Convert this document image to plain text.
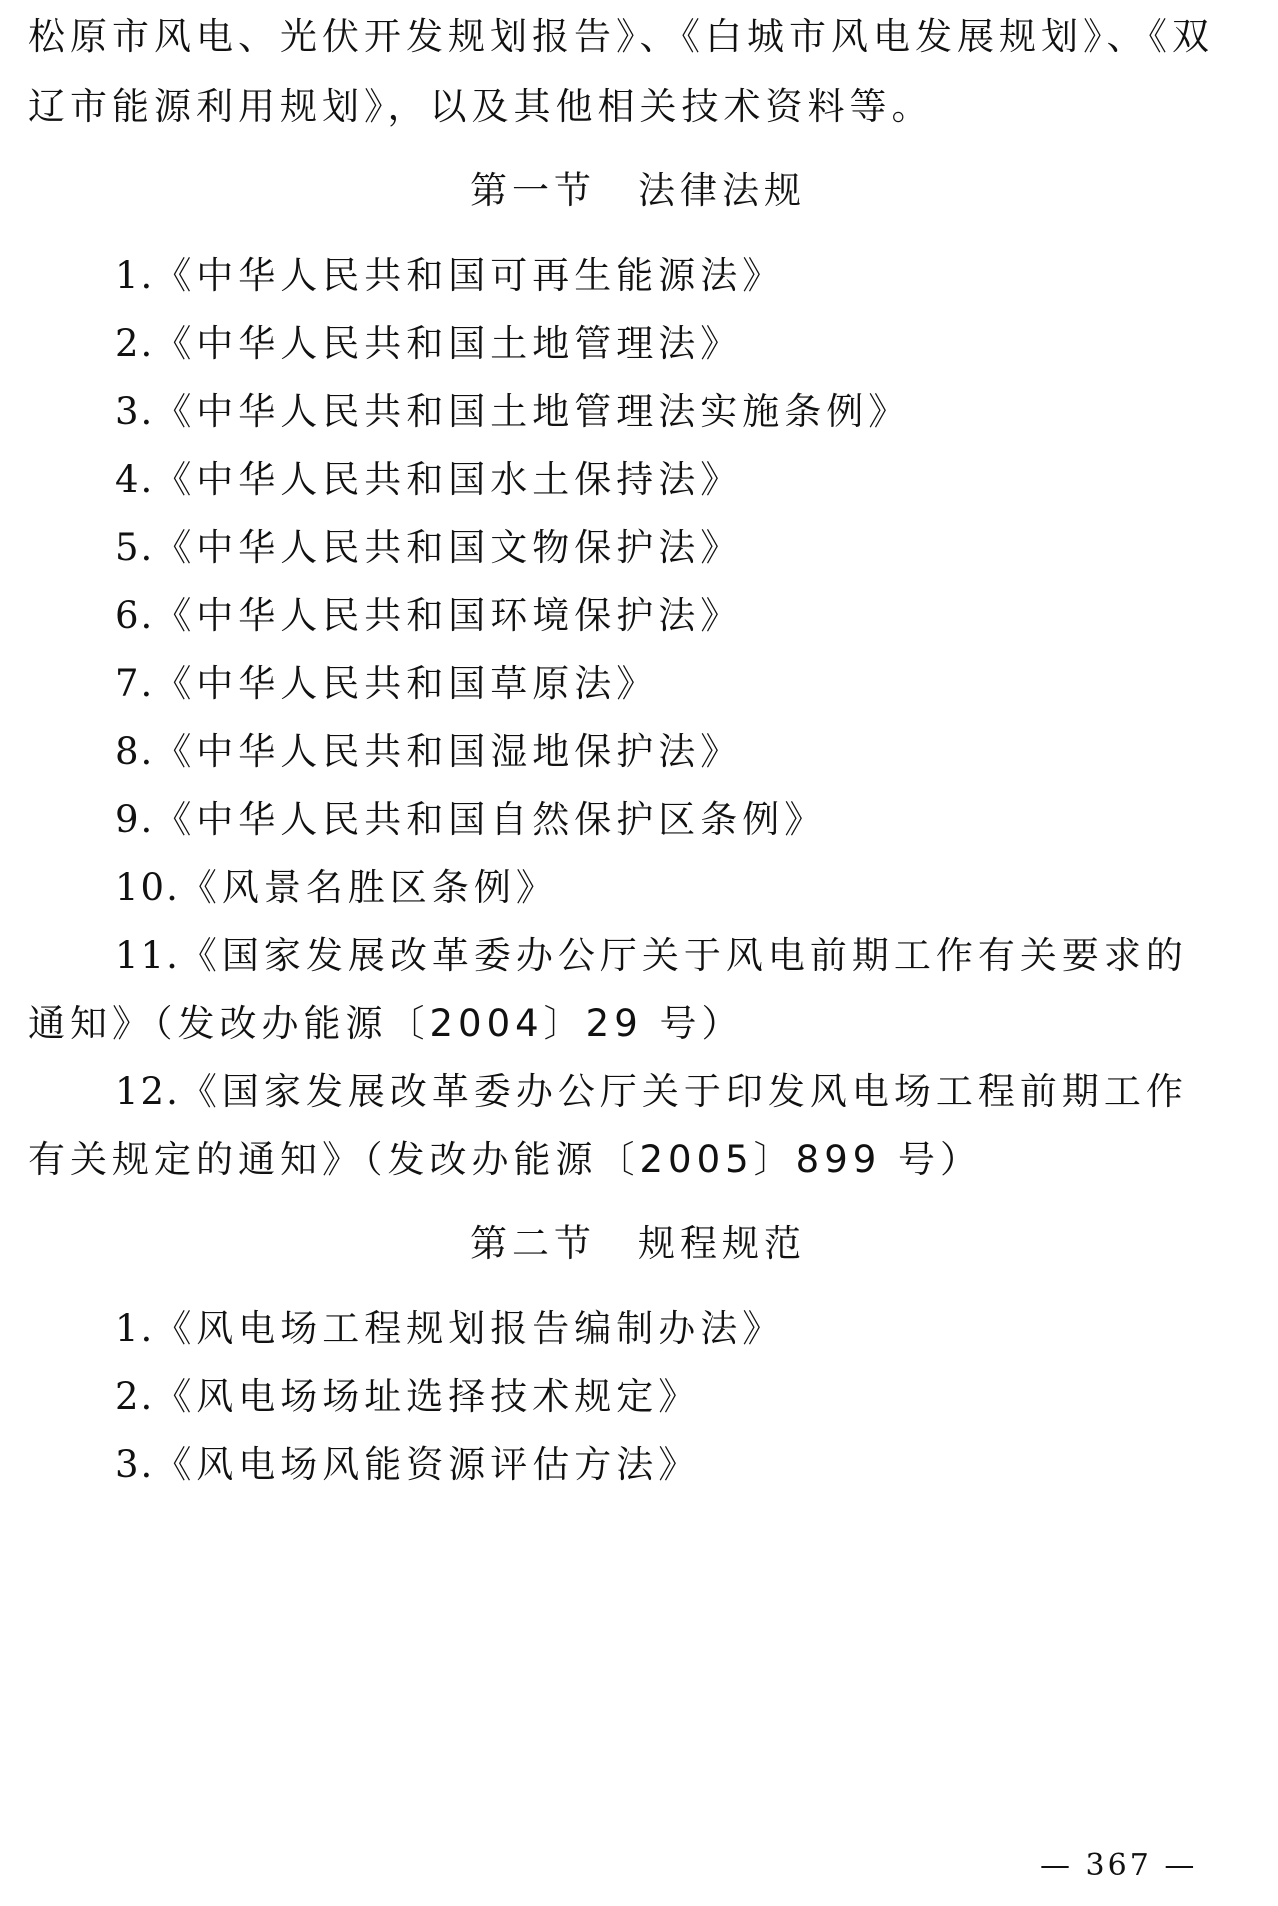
松原市风电、光伏开发规划报告》、《白城市风电发展规划》、《双
辽市能源利用规划》，以及其他相关技术资料等。
第一节　法律法规
1.《中华人民共和国可再生能源法》
2.《中华人民共和国土地管理法》
3.《中华人民共和国土地管理法实施条例》
4.《中华人民共和国水土保持法》
5.《中华人民共和国文物保护法》
6.《中华人民共和国环境保护法》
7.《中华人民共和国草原法》
8.《中华人民共和国湿地保护法》
9.《中华人民共和国自然保护区条例》
10.《风景名胜区条例》
11.《国家发展改革委办公厅关于风电前期工作有关要求的
通知》（发改办能源〔2004〕29 号）
12.《国家发展改革委办公厅关于印发风电场工程前期工作
有关规定的通知》（发改办能源〔2005〕899 号）
第二节　规程规范
1.《风电场工程规划报告编制办法》
2.《风电场场址选择技术规定》
3.《风电场风能资源评估方法》
— 367 —
